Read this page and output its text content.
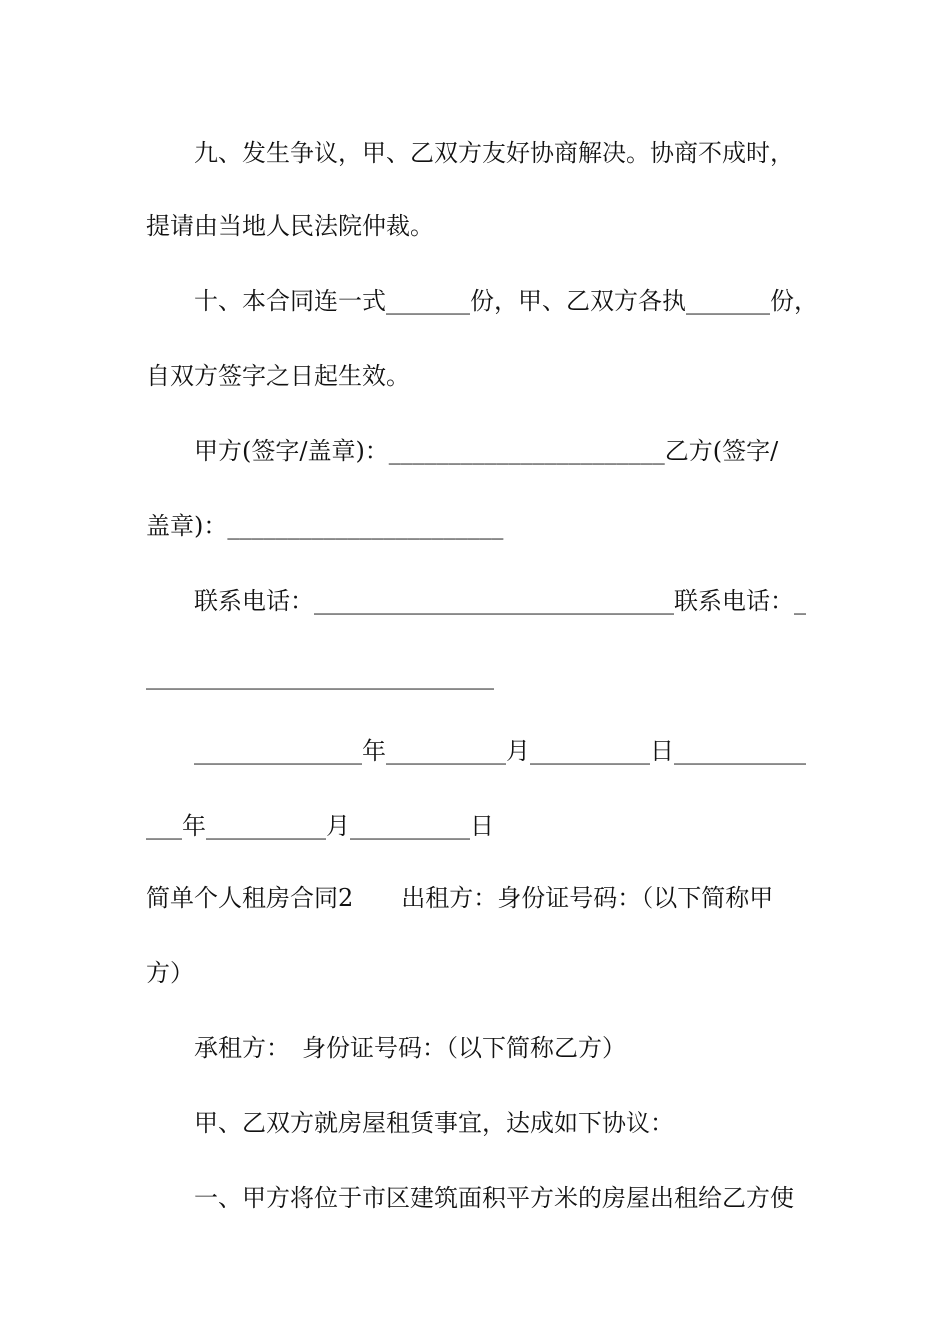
九、发生争议，甲、乙双方友好协商解决。协商不成时，
提请由当地人民法院仲裁。
十、本合同连一式_______份，甲、乙双方各执_______份，
自双方签字之日起生效。
甲方(签字/盖章)：_______________________乙方(签字/
盖章)：_______________________
联系电话：______________________________联系电话：_
_____________________________
______________年__________月__________日___________
___年__________月__________日
简单个人租房合同2　　出租方：身份证号码：（以下简称甲
方）
承租方：　身份证号码：（以下简称乙方）
甲、乙双方就房屋租赁事宜，达成如下协议：
一、甲方将位于市区建筑面积平方米的房屋出租给乙方使
